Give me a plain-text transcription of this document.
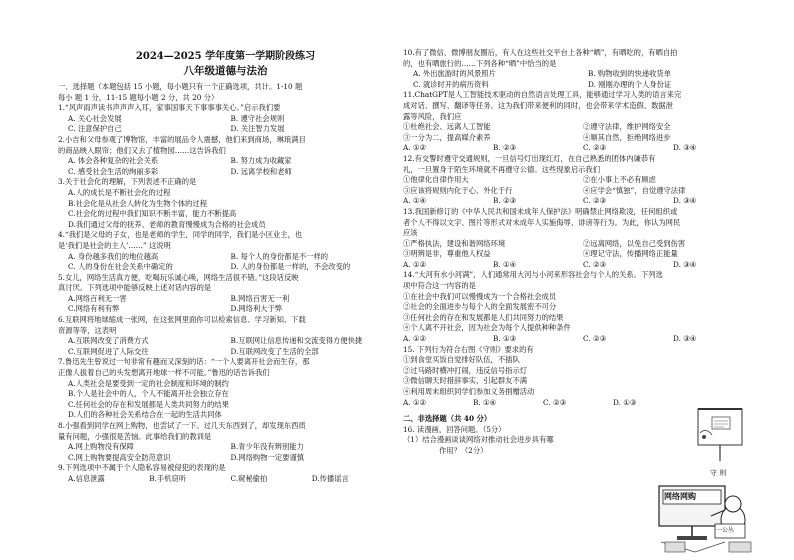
2024—2025 学年度第一学期阶段练习
八年级道德与法治
一、选择题（本题包括 15 小题，每小题只有一个正确选项，共计。1-10 题
每小 题 1 分，11-15 题每小题 2 分，共 20 分）
1.“风声雨声读书声声声入耳，家事国事天下事事事关心。”启示我们要
A. 关心社会发展	B. 遵守社会规则
C. 注意保护自己	D. 关注智力发展
2.小吉和父母参观了博物馆，丰富的展品令人震撼，他们来到商场，琳琅满目
的商品映入眼帘；他们又去了植物园……这告诉我们
A. 体会各种复杂的社会关系	B. 努力成为收藏家
C. 感受社会生活的绚丽多彩	D. 远离学校和老师
3.关于社会化的理解，下列表述不正确的是
A.人的成长是不断社会化的过程
B.社会化是从社会人转化为生物个体的过程
C.社会化的过程中我们知识不断丰富，能力不断提高
D.我们通过父母的抚养、老师的教育慢慢成为合格的社会成员
4.“我们是父母的子女，也是老师的学生，同学的同学，我们是小区业主，也
是‘我们是社会的主人’……” 这说明
A. 身份越多我们的地位越高	B. 每个人的身份都是不一样的
C. 人的身份在社会关系中确定的	D. 人的身份都是一样的，不会改变的
5.女儿，网络生活真方便，吃喝玩乐诚心唤，网络生活很不错。”这段话反映
真讨厌。下列选项中能够反映上述对话内容的是
A.网络百利无一害	B.网络百害无一利
C.网络有利有弊	D.网络利大于弊
6.互联网将地球缩成一张网，在这张网里面你可以检索信息、学习新知、下载
资源等等，这表明
A.互联网改变了消费方式	B.互联网让信息传递和交流变得方便快捷
C.互联网促进了人际交往	D.互联网改变了生活的全部
7.鲁迅先生曾说过一句非常有趣而又深刻的话：“一个人要离开社会而生存，那
正像人拔着自己的头发想离开地球一样不可能。”鲁迅的话告诉我们
A.人类社会是要受到一定的社会制度和环境的制约
B.个人是社会中的人，个人不能离开社会独立存在
C.任何社会的存在和发展都是人类共同努力的结果
D.人们的各种社会关系结合在一起的生活共同体
8.小强看到同学在网上购物，也尝试了一下。过几天东西到了，却发现东西质
量有问题，小强很是苦恼。此事给我们的教训是
A.网上购物没有保障	B.青少年没有辨别能力
C.网上购物要提高安全防范意识	D.网络购物一定要谨慎
9.下列选项中不属于个人隐私容易被侵犯的表现的是
A.信息泄露	B.手机窃听	C.窥秘偷拍	D.传播谣言
10.有了微信、微博朋友圈后，有人在这些社交平台上各种“晒”，有晒吃的，有晒自拍
的，也有晒旅行的……下列各种“晒”中恰当的是
A. 外出旅游时的风景照片	B. 购物收到的快递收货单
C. 就诊时开的病历资料	D. 刚刚办理的个人身份证
11.ChatGPT是人工智能技术驱动的自然语言处理工具，能够通过学习人类的语言来完
成对话、撰写、翻译等任务。这为我们带来便利的同时，也会带来学术造假、数据泄
露等风险，我们应
①杜绝社会、远离人工智能	②遵守法律，维护网络安全
③一分为二，提高媒介素养	④顺其自然，拒绝网络进步
A. ①②	B. ②③	C. ②③	D. ③④
12.有交警时遵守交通规则，一旦信号灯出现红灯，在自己熟悉的团体内谦恭有
礼，一旦置身于陌生环境就不再遵守公德。这些现象启示我们
①他律化自律作用大	②在小事上不必有顾虑
③应该将规则内化于心、外化于行	④应学会“慎独”，自觉遵守法律
A. ①④	B. ②③	C. ②③	D. ③④
13.我国新修订的《中华人民共和国未成年人保护法》明确禁止网络欺凌，任何组织或
者个人不得以文字、图片等形式对未成年人实施侮辱、诽谤等行为。为此，你认为网民
应该
①严格执法，建设和谐网络环境	②远离网络，以免自己受到伤害
③明辨是非，尊重他人权益	④理记守法，传播网络正能量
A. ①②	B. ①④	C. ②③	D. ③④
14.“大河有水小河满”，人们通常用大河与小河来形容社会与个人的关系。下列选
项中符合这一内容的是
①在社会中我们可以慢慢成为一个合格社会成员
②社会的全面进步与每个人的全面发展密不可分
③任何社会的存在和发展都是人们共同努力的结果
④个人离不开社会，因为社会为每个人提供种种条件
A. ①②	B. ①③	C. ②③	D. ③④
15. 下列行为符合右图《守则》要求的有
①到食堂买饭自觉排好队伍，不插队
②过马路时横冲打闹，违反信号指示灯
③微信聊天时措辞事实，引起群友不满
④利用周末组织同学们参加义务捐赠活动
A. ①②	B. ①④	C. ②③	D. ①③
二、非选择题（共 40 分）
16. 读漫画，回答问题。（5分）
（1）结合漫画谈谈网络对推动社会进步具有哪
作用？（2分）
守 则
网络网购
一公丛
